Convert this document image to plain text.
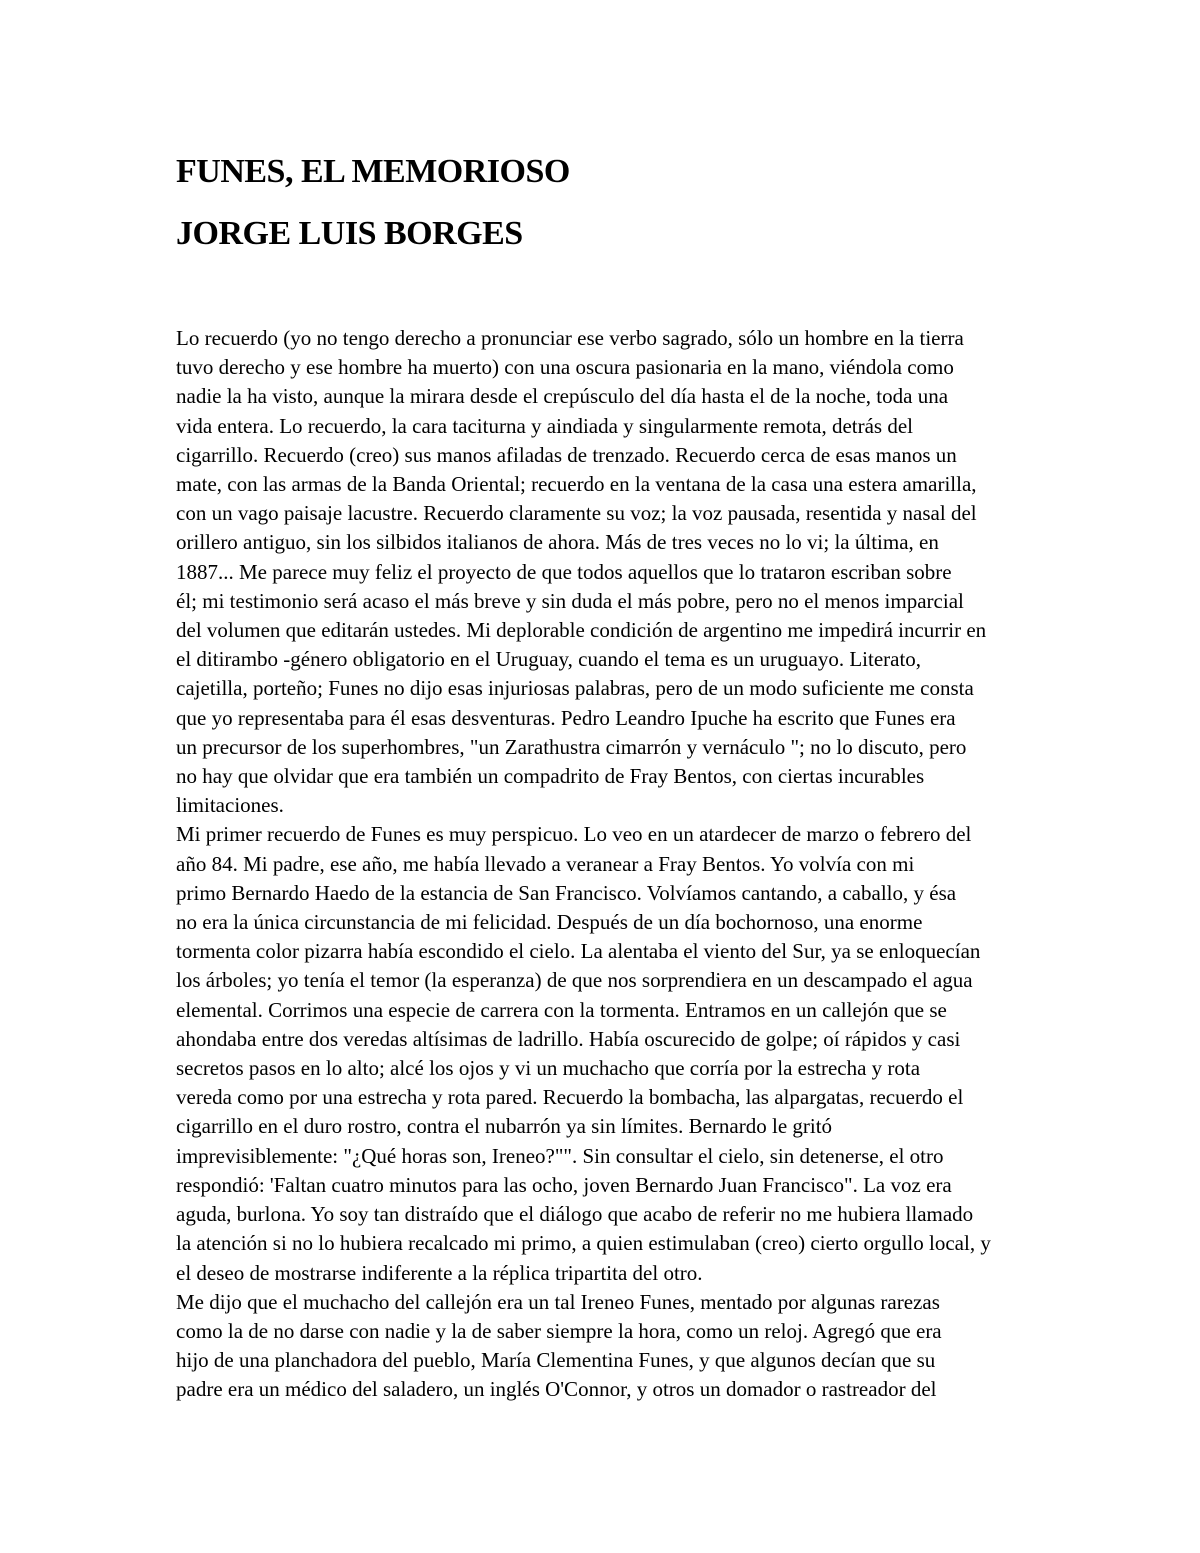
FUNES, EL MEMORIOSO
JORGE LUIS BORGES

Lo recuerdo (yo no tengo derecho a pronunciar ese verbo sagrado, sólo un hombre en la tierra
tuvo derecho y ese hombre ha muerto) con una oscura pasionaria en la mano, viéndola como
nadie la ha visto, aunque la mirara desde el crepúsculo del día hasta el de la noche, toda una
vida entera. Lo recuerdo, la cara taciturna y aindiada y singularmente remota, detrás del
cigarrillo. Recuerdo (creo) sus manos afiladas de trenzado. Recuerdo cerca de esas manos un
mate, con las armas de la Banda Oriental; recuerdo en la ventana de la casa una estera amarilla,
con un vago paisaje lacustre. Recuerdo claramente su voz; la voz pausada, resentida y nasal del
orillero antiguo, sin los silbidos italianos de ahora. Más de tres veces no lo vi; la última, en
1887... Me parece muy feliz el proyecto de que todos aquellos que lo trataron escriban sobre
él; mi testimonio será acaso el más breve y sin duda el más pobre, pero no el menos imparcial
del volumen que editarán ustedes. Mi deplorable condición de argentino me impedirá incurrir en
el ditirambo -género obligatorio en el Uruguay, cuando el tema es un uruguayo. Literato,
cajetilla, porteño; Funes no dijo esas injuriosas palabras, pero de un modo suficiente me consta
que yo representaba para él esas desventuras. Pedro Leandro Ipuche ha escrito que Funes era
un precursor de los superhombres, "un Zarathustra cimarrón y vernáculo "; no lo discuto, pero
no hay que olvidar que era también un compadrito de Fray Bentos, con ciertas incurables
limitaciones.

Mi primer recuerdo de Funes es muy perspicuo. Lo veo en un atardecer de marzo o febrero del
año 84. Mi padre, ese año, me había llevado a veranear a Fray Bentos. Yo volvía con mi
primo Bernardo Haedo de la estancia de San Francisco. Volvíamos cantando, a caballo, y ésa
no era la única circunstancia de mi felicidad. Después de un día bochornoso, una enorme
tormenta color pizarra había escondido el cielo. La alentaba el viento del Sur, ya se enloquecían
los árboles; yo tenía el temor (la esperanza) de que nos sorprendiera en un descampado el agua
elemental. Corrimos una especie de carrera con la tormenta. Entramos en un callejón que se
ahondaba entre dos veredas altísimas de ladrillo. Había oscurecido de golpe; oí rápidos y casi
secretos pasos en lo alto; alcé los ojos y vi un muchacho que corría por la estrecha y rota
vereda como por una estrecha y rota pared. Recuerdo la bombacha, las alpargatas, recuerdo el
cigarrillo en el duro rostro, contra el nubarrón ya sin límites. Bernardo le gritó
imprevisiblemente: "¿Qué horas son, Ireneo?"". Sin consultar el cielo, sin detenerse, el otro
respondió: 'Faltan cuatro minutos para las ocho, joven Bernardo Juan Francisco". La voz era
aguda, burlona. Yo soy tan distraído que el diálogo que acabo de referir no me hubiera llamado
la atención si no lo hubiera recalcado mi primo, a quien estimulaban (creo) cierto orgullo local, y
el deseo de mostrarse indiferente a la réplica tripartita del otro.

Me dijo que el muchacho del callejón era un tal Ireneo Funes, mentado por algunas rarezas
como la de no darse con nadie y la de saber siempre la hora, como un reloj. Agregó que era
hijo de una planchadora del pueblo, María Clementina Funes, y que algunos decían que su
padre era un médico del saladero, un inglés O'Connor, y otros un domador o rastreador del
